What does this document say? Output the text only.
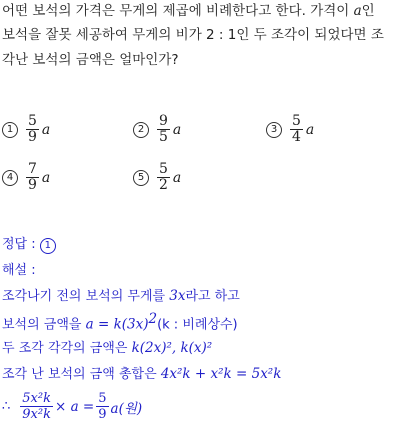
어떤 보석의 가격은 무게의 제곱에 비례한다고 한다. 가격이 a인
보석을 잘못 세공하여 무게의 비가 2 : 1인 두 조각이 되었다면 조
각난 보석의 금액은 얼마인가?
$1 \frac{5}{9}$ a	$2 \frac{9}{5}$ a	$3 \frac{5}{4}$ a
$4 \frac{7}{9}$ a	$5 \frac{5}{2}$ a
정답 : 1
해설 :
조각나기 전의 보석의 무게를 3x라고 하고
보석의 금액을 $a = k(3x)^2(k$ : 비례상수)
두 조각 각각의 금액은 k(2x)², k(x)²
조각 난 보석의 금액 총합은 4x²k + x²k = 5x²k
∴ $\frac{\text{5x²k}}{\text{9x²k}} \times a = \frac{5}{9} a$(원)
